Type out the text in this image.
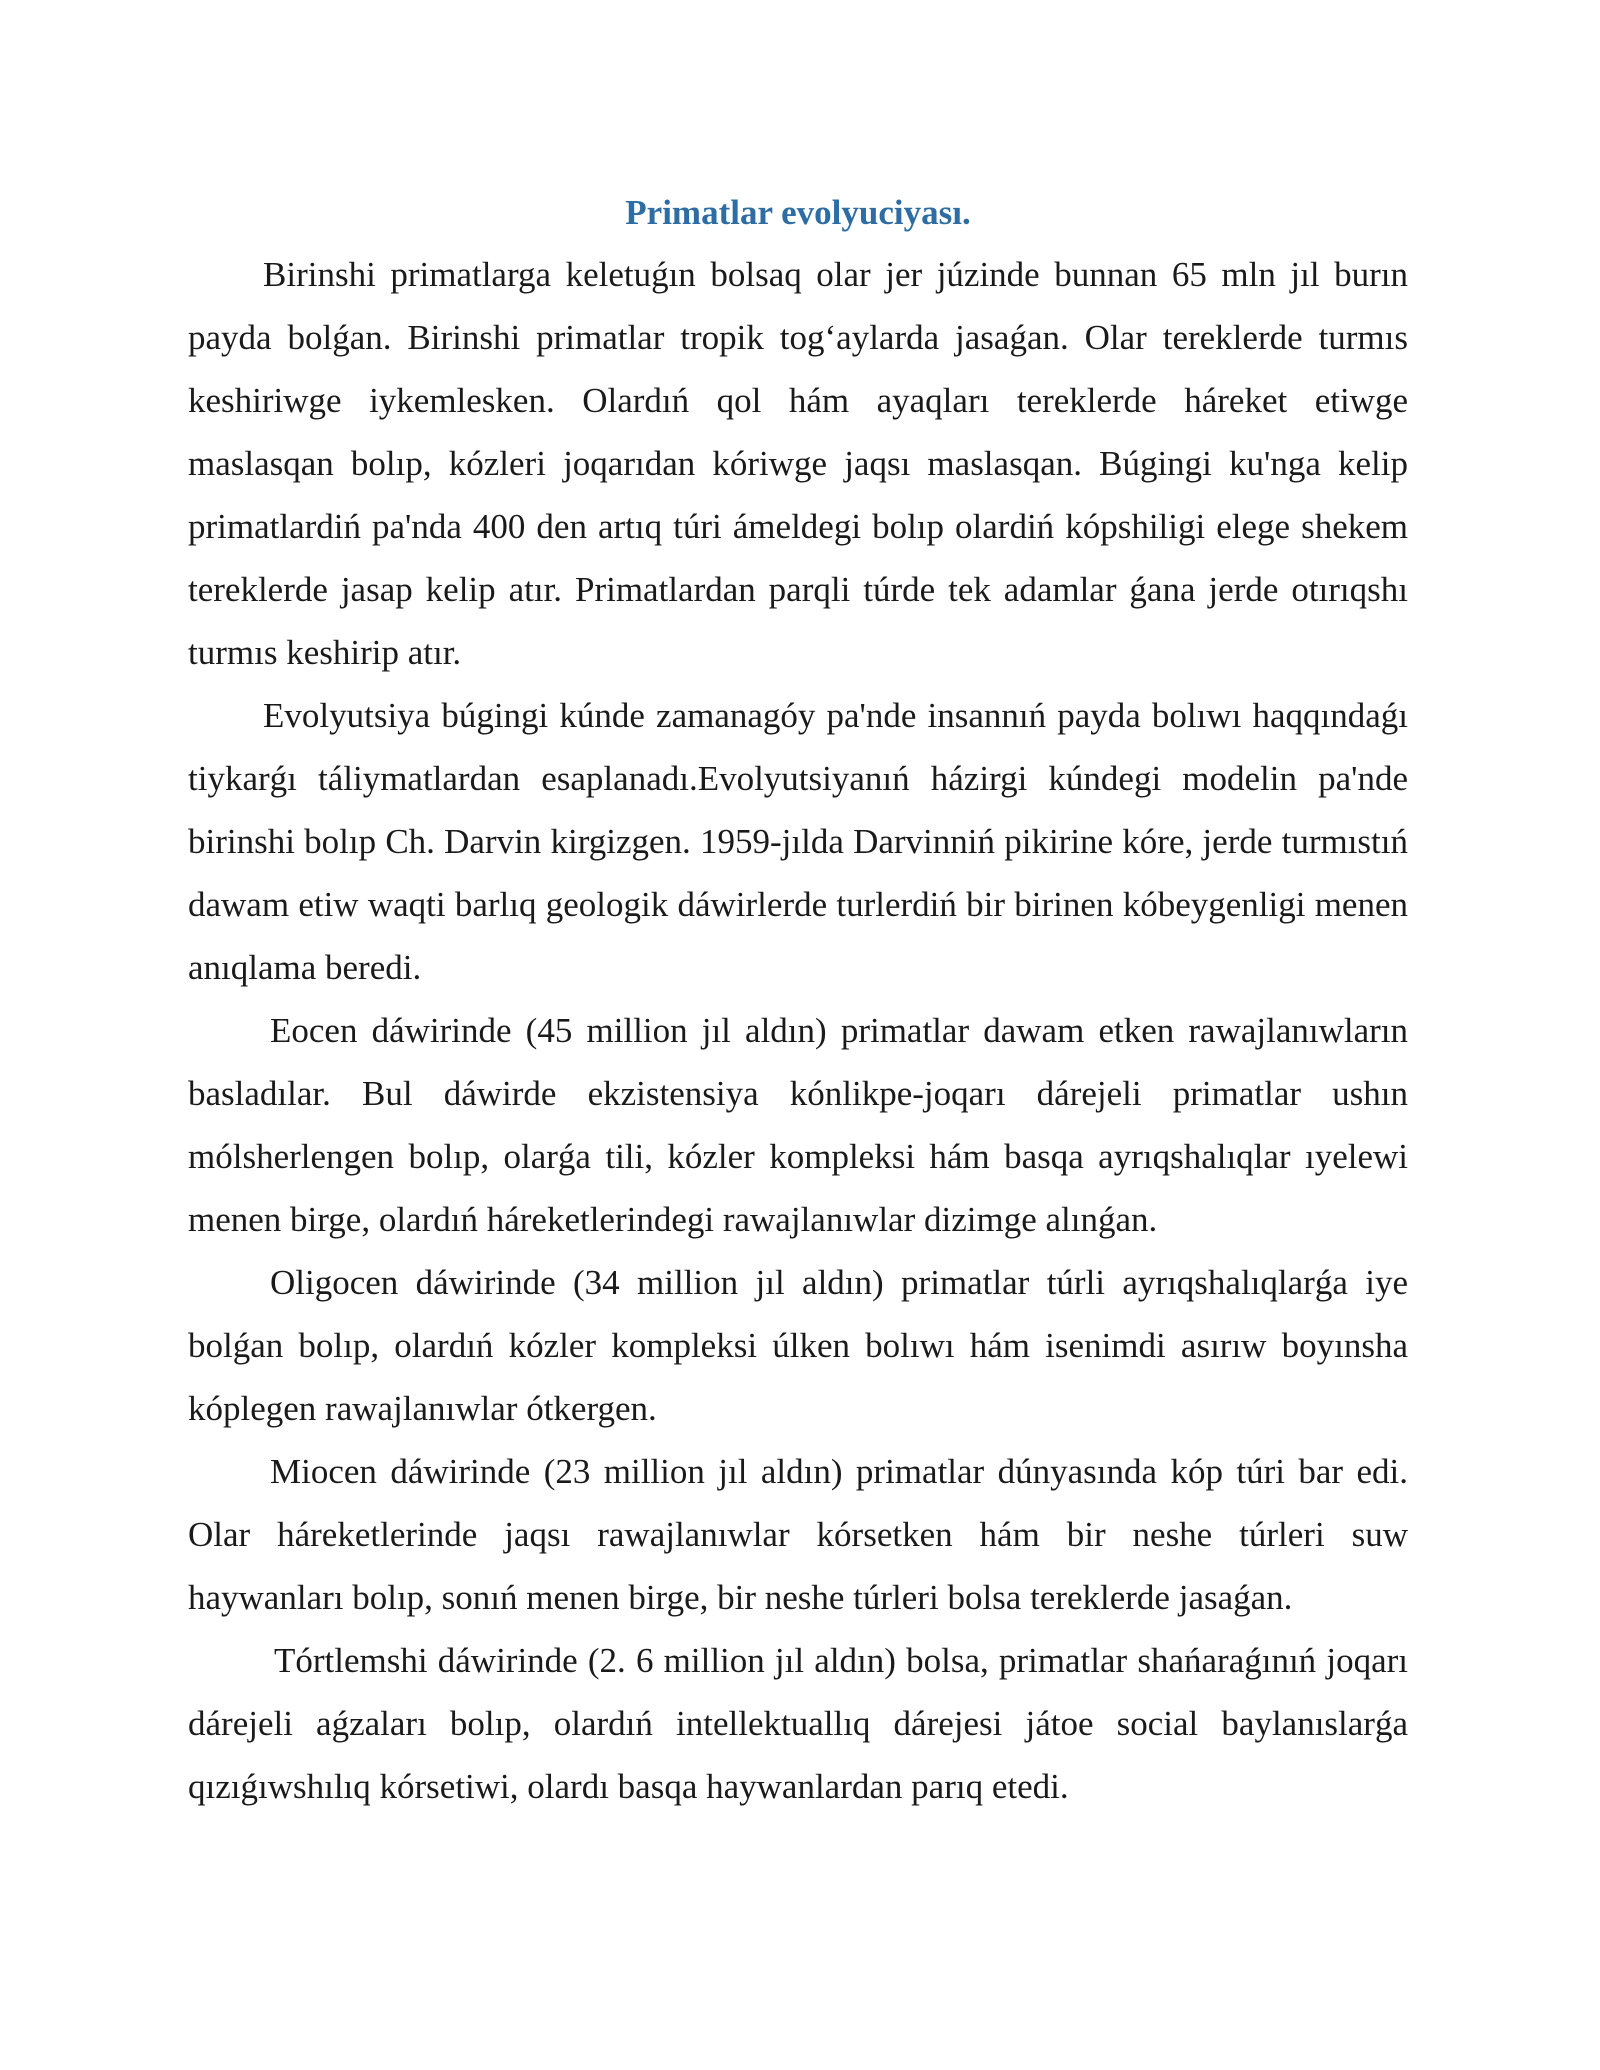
Primatlar evolyuciyası.

Birinshi primatlarga keletuǵın bolsaq olar jer júzinde bunnan 65 mln jıl burın payda bolǵan. Birinshi primatlar tropik tog‘aylarda jasaǵan. Olar tereklerde turmıs keshiriwge iykemlesken. Olardıń qol hám ayaqları tereklerde háreket etiwge maslasqan bolıp, kózleri joqarıdan kóriwge jaqsı maslasqan. Búgingi ku'nga kelip primatlardiń pa'nda 400 den artıq túri ámeldegi bolıp olardiń kópshiligi elege shekem tereklerde jasap kelip atır. Primatlardan parqli túrde tek adamlar ǵana jerde otırıqshı turmıs keshirip atır.

Evolyutsiya búgingi kúnde zamanagóy pa'nde insannıń payda bolıwı haqqındaǵı tiykarǵı táliymatlardan esaplanadı.Evolyutsiyanıń házirgi kúndegi modelin pa'nde birinshi bolıp Ch. Darvin kirgizgen. 1959-jılda Darvinniń pikirine kóre, jerde turmıstıń dawam etiw waqti barlıq geologik dáwirlerde turlerdiń bir birinen kóbeygenligi menen anıqlama beredi.

Eocen dáwirinde (45 million jıl aldın) primatlar dawam etken rawajlanıwların basladılar. Bul dáwirde ekzistensiya kónlikpe-joqarı dárejeli primatlar ushın mólsherlengen bolıp, olarǵa tili, kózler kompleksi hám basqa ayrıqshalıqlar ıyelewi menen birge, olardıń háreketlerindegi rawajlanıwlar dizimge alınǵan.

Oligocen dáwirinde (34 million jıl aldın) primatlar túrli ayrıqshalıqlarǵa iye bolǵan bolıp, olardıń kózler kompleksi úlken bolıwı hám isenimdi asırıw boyınsha kóplegen rawajlanıwlar ótkergen.

Miocen dáwirinde (23 million jıl aldın) primatlar dúnyasında kóp túri bar edi. Olar háreketlerinde jaqsı rawajlanıwlar kórsetken hám bir neshe túrleri suw haywanları bolıp, sonıń menen birge, bir neshe túrleri bolsa tereklerde jasaǵan.

Tórtlemshi dáwirinde (2. 6 million jıl aldın) bolsa, primatlar shańaraǵınıń joqarı dárejeli aǵzaları bolıp, olardıń intellektuallıq dárejesi játoe social baylanıslarǵa qızıǵıwshılıq kórsetiwi, olardı basqa haywanlardan parıq etedi.
